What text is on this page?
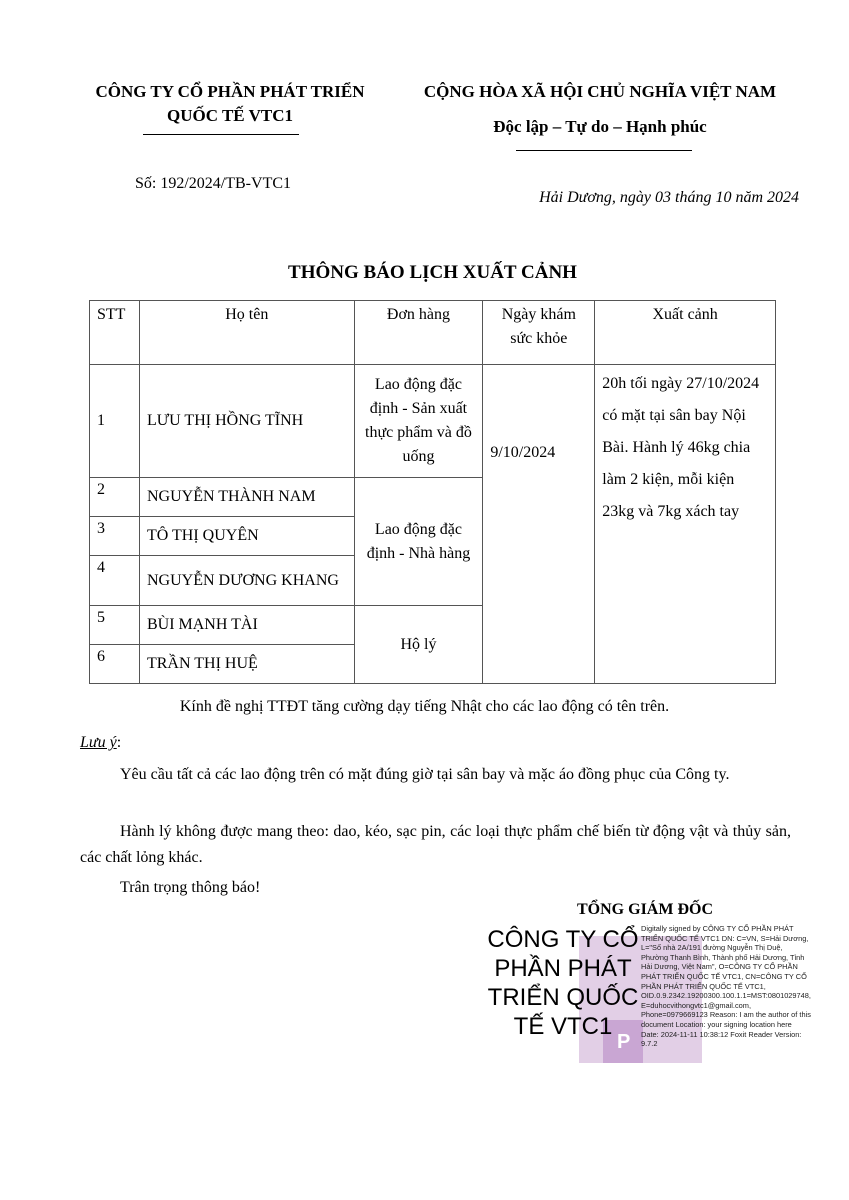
CÔNG TY CỔ PHẦN PHÁT TRIỂN
QUỐC TẾ VTC1
CỘNG HÒA XÃ HỘI CHỦ NGHĨA VIỆT NAM
Độc lập – Tự do – Hạnh phúc
Số: 192/2024/TB-VTC1
Hải Dương, ngày 03 tháng 10 năm 2024
THÔNG BÁO LỊCH XUẤT CẢNH
STT	Họ tên	Đơn hàng	Ngày khám sức khỏe	Xuất cảnh
1	LƯU THỊ HỒNG TĨNH	Lao động đặc định - Sản xuất thực phẩm và đồ uống	9/10/2024	20h tối ngày 27/10/2024 có mặt tại sân bay Nội Bài. Hành lý 46kg chia làm 2 kiện, mỗi kiện 23kg và 7kg xách tay
2	NGUYỄN THÀNH NAM	Lao động đặc định - Nhà hàng		
3	TÔ THỊ QUYÊN			
4	NGUYỄN DƯƠNG KHANG			
5	BÙI MẠNH TÀI	Hộ lý		
6	TRẦN THỊ HUỆ			
Kính đề nghị TTĐT tăng cường dạy tiếng Nhật cho các lao động có tên trên.
Lưu ý:
Yêu cầu tất cả các lao động trên có mặt đúng giờ tại sân bay và mặc áo đồng phục của Công ty.
Hành lý không được mang theo: dao, kéo, sạc pin, các loại thực phẩm chế biến từ động vật và thủy sản, các chất lỏng khác.
Trân trọng thông báo!
TỔNG GIÁM ĐỐC
P
CÔNG TY CỔ PHẦN PHÁT TRIỂN QUỐC TẾ VTC1
Digitally signed by CÔNG TY CỔ PHẦN PHÁT TRIỂN QUỐC TẾ VTC1 DN: C=VN, S=Hải Dương, L="Số nhà 2A/191 đường Nguyễn Thị Duệ, Phường Thanh Bình, Thành phố Hải Dương, Tỉnh Hải Dương, Việt Nam", O=CÔNG TY CỔ PHẦN PHÁT TRIỂN QUỐC TẾ VTC1, CN=CÔNG TY CỔ PHẦN PHÁT TRIỂN QUỐC TẾ VTC1, OID.0.9.2342.19200300.100.1.1=MST:0801029748, E=duhocvithongvtc1@gmail.com, Phone=0979669123 Reason: I am the author of this document Location: your signing location here Date: 2024-11-11 10:38:12 Foxit Reader Version: 9.7.2
